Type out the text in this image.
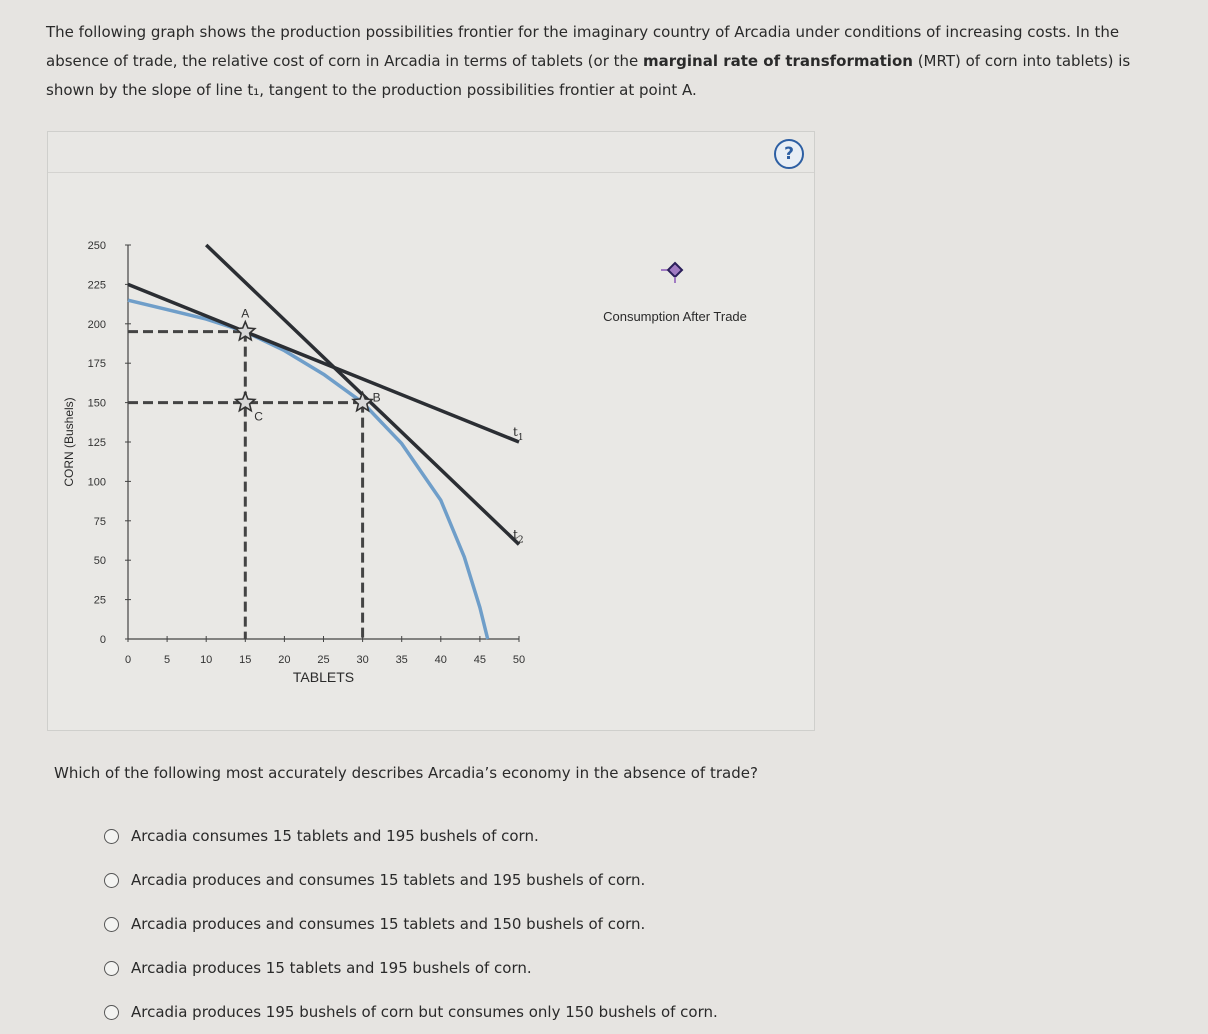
The following graph shows the production possibilities frontier for the imaginary country of Arcadia under conditions of increasing costs. In the absence of trade, the relative cost of corn in Arcadia in terms of tablets (or the marginal rate of transformation (MRT) of corn into tablets) is shown by the slope of line t₁, tangent to the production possibilities frontier at point A.
0	5	10 15 20 25 30 35 40 45 50
0
25
50
75
100
125
150
175
200
225
250
TABLETS
CORN (Bushels)	$t_1$
$t_2$
A
C
B
Consumption After Trade
?
Which of the following most accurately describes Arcadia’s economy in the absence of trade?
Arcadia consumes 15 tablets and 195 bushels of corn.
Arcadia produces and consumes 15 tablets and 195 bushels of corn.
Arcadia produces and consumes 15 tablets and 150 bushels of corn.
Arcadia produces 15 tablets and 195 bushels of corn.
Arcadia produces 195 bushels of corn but consumes only 150 bushels of corn.
